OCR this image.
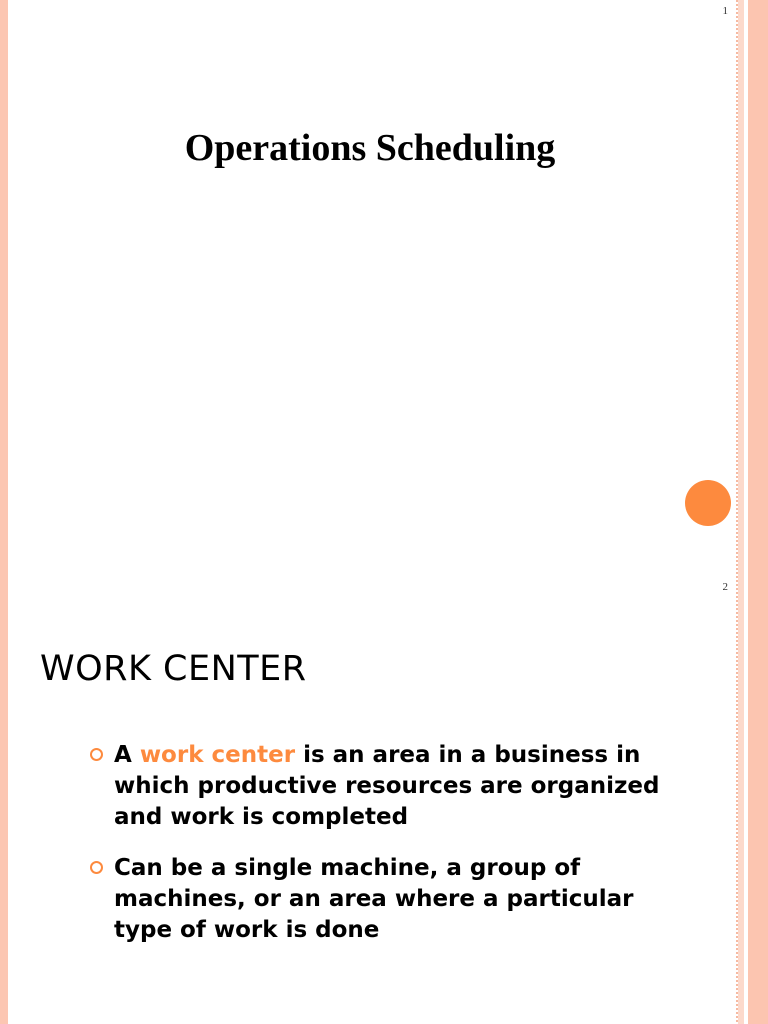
1
Operations Scheduling
2
WORK CENTER
A work center is an area in a business in which productive resources are organized and work is completed
Can be a single machine, a group of machines, or an area where a particular type of work is done
